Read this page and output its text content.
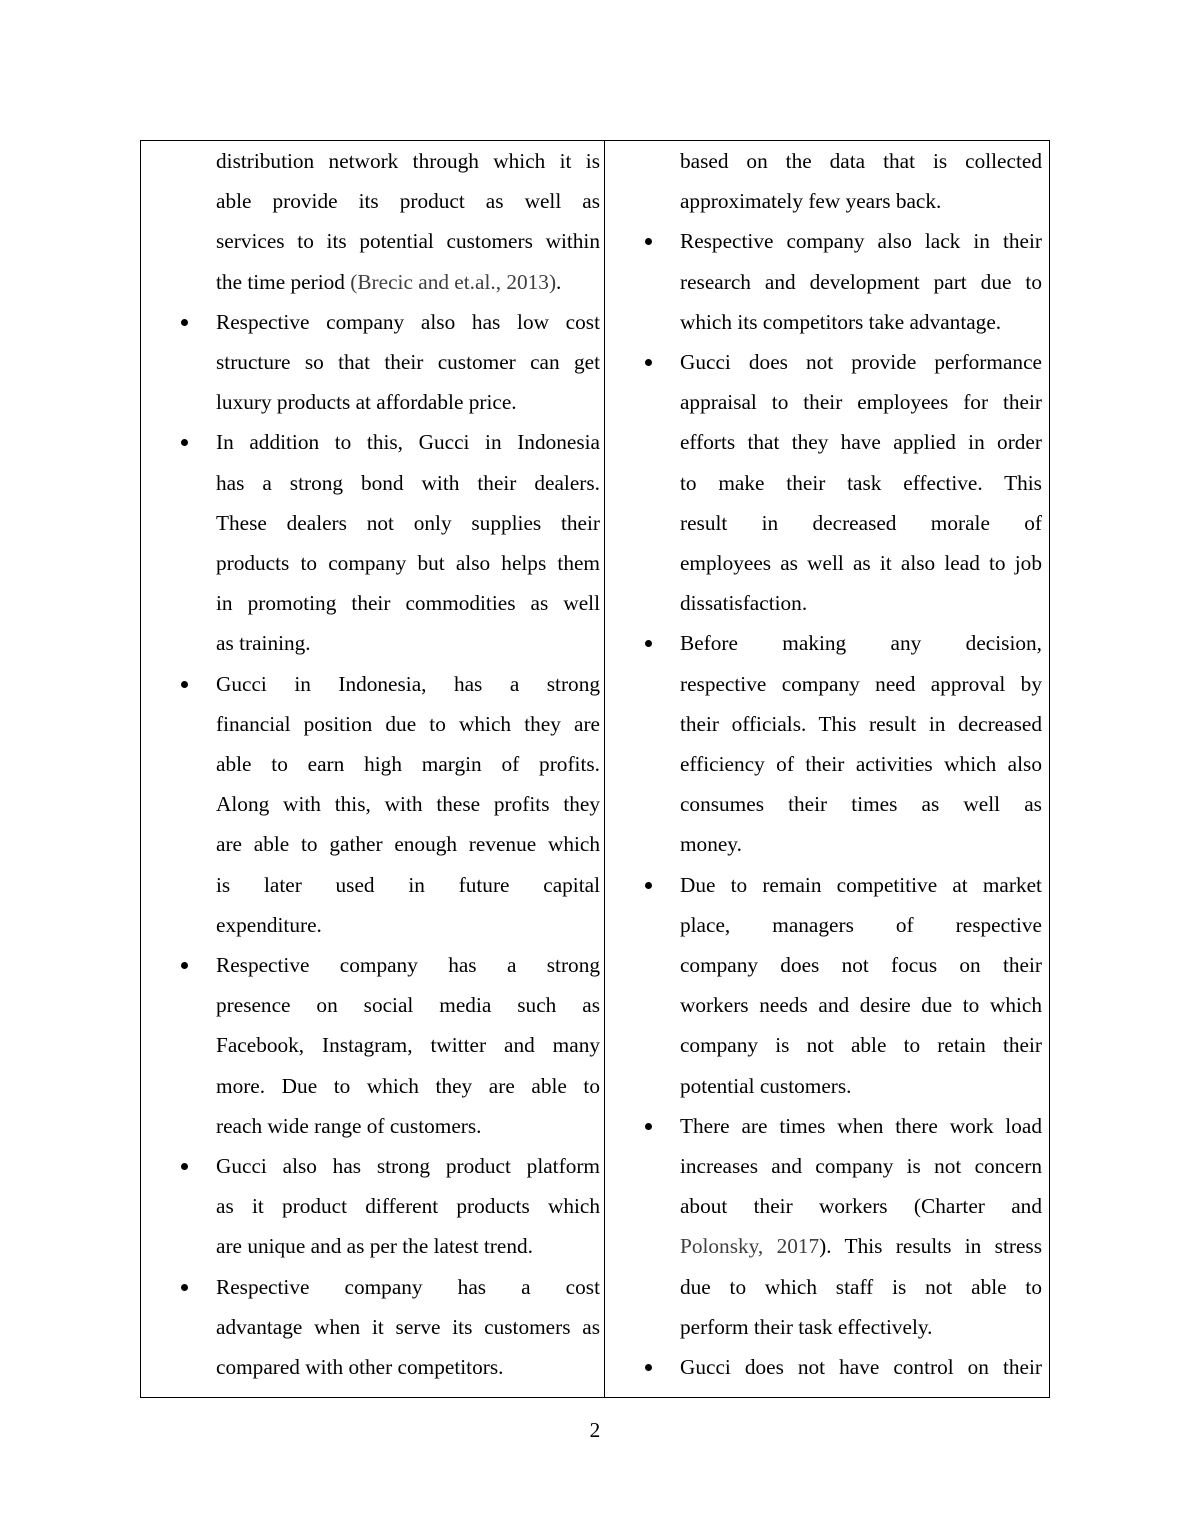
distribution network through which it is
able provide its product as well as
services to its potential customers within
the time period (Brecic and et.al., 2013).
Respective company also has low cost
structure so that their customer can get
luxury products at affordable price.
In addition to this, Gucci in Indonesia
has a strong bond with their dealers.
These dealers not only supplies their
products to company but also helps them
in promoting their commodities as well
as training.
Gucci in Indonesia, has a strong
financial position due to which they are
able to earn high margin of profits.
Along with this, with these profits they
are able to gather enough revenue which
is later used in future capital
expenditure.
Respective company has a strong
presence on social media such as
Facebook, Instagram, twitter and many
more. Due to which they are able to
reach wide range of customers.
Gucci also has strong product platform
as it product different products which
are unique and as per the latest trend.
Respective company has a cost
advantage when it serve its customers as
compared with other competitors.
based on the data that is collected
approximately few years back.
Respective company also lack in their
research and development part due to
which its competitors take advantage.
Gucci does not provide performance
appraisal to their employees for their
efforts that they have applied in order
to make their task effective. This
result in decreased morale of
employees as well as it also lead to job
dissatisfaction.
Before making any decision,
respective company need approval by
their officials. This result in decreased
efficiency of their activities which also
consumes their times as well as
money.
Due to remain competitive at market
place, managers of respective
company does not focus on their
workers needs and desire due to which
company is not able to retain their
potential customers.
There are times when there work load
increases and company is not concern
about their workers (Charter and
Polonsky, 2017). This results in stress
due to which staff is not able to
perform their task effectively.
Gucci does not have control on their
2
